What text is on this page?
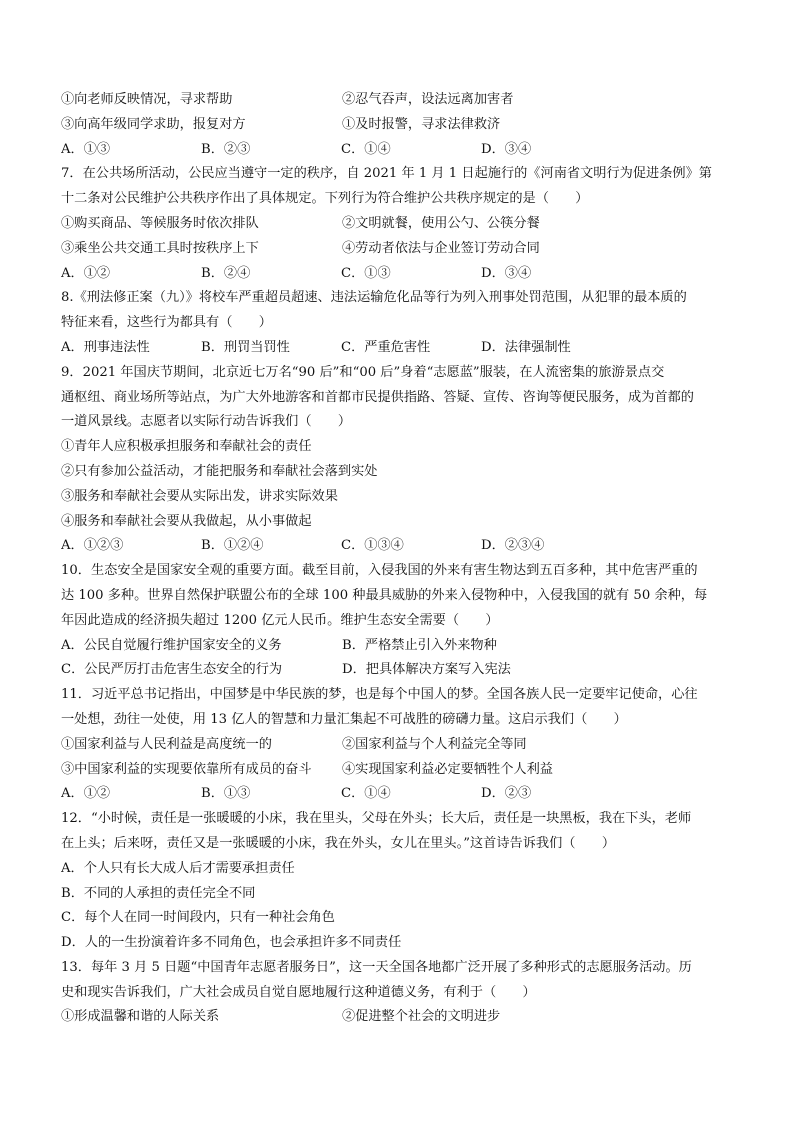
①向老师反映情况，寻求帮助	②忍气吞声，设法远离加害者
③向高年级同学求助，报复对方	①及时报警，寻求法律救济
A．①③	B．②③	C．①④	D．③④
7．在公共场所活动，公民应当遵守一定的秩序，自 2021 年 1 月 1 日起施行的《河南省文明行为促进条例》第
十二条对公民维护公共秩序作出了具体规定。下列行为符合维护公共秩序规定的是（　　）
①购买商品、等候服务时依次排队	②文明就餐，使用公勺、公筷分餐
③乘坐公共交通工具时按秩序上下	④劳动者依法与企业签订劳动合同
A．①②	B．②④	C．①③	D．③④
8.《刑法修正案（九）》将校车严重超员超速、违法运输危化品等行为列入刑事处罚范围，从犯罪的最本质的
特征来看，这些行为都具有（　　）
A．刑事违法性	B．刑罚当罚性	C．严重危害性	D．法律强制性
9．2021 年国庆节期间，北京近七万名“90 后”和“00 后”身着“志愿蓝”服装，在人流密集的旅游景点交
通枢纽、商业场所等站点，为广大外地游客和首都市民提供指路、答疑、宣传、咨询等便民服务，成为首都的
一道风景线。志愿者以实际行动告诉我们（　　）
①青年人应积极承担服务和奉献社会的责任
②只有参加公益活动，才能把服务和奉献社会落到实处
③服务和奉献社会要从实际出发，讲求实际效果
④服务和奉献社会要从我做起，从小事做起
A．①②③	B．①②④	C．①③④	D．②③④
10．生态安全是国家安全观的重要方面。截至目前，入侵我国的外来有害生物达到五百多种，其中危害严重的
达 100 多种。世界自然保护联盟公布的全球 100 种最具威胁的外来入侵物种中，入侵我国的就有 50 余种，每
年因此造成的经济损失超过 1200 亿元人民币。维护生态安全需要（　　）
A．公民自觉履行维护国家安全的义务	B．严格禁止引入外来物种
C．公民严厉打击危害生态安全的行为	D．把具体解决方案写入宪法
11．习近平总书记指出，中国梦是中华民族的梦，也是每个中国人的梦。全国各族人民一定要牢记使命，心往
一处想，劲往一处使，用 13 亿人的智慧和力量汇集起不可战胜的磅礴力量。这启示我们（　　）
①国家利益与人民利益是高度统一的	②国家利益与个人利益完全等同
③中国家利益的实现要依靠所有成员的奋斗	④实现国家利益必定要牺牲个人利益
A．①②	B．①③	C．①④	D．②③
12．“小时候，责任是一张暖暖的小床，我在里头，父母在外头；长大后，责任是一块黑板，我在下头，老师
在上头；后来呀，责任又是一张暖暖的小床，我在外头，女儿在里头。”这首诗告诉我们（　　）
A．个人只有长大成人后才需要承担责任
B．不同的人承担的责任完全不同
C．每个人在同一时间段内，只有一种社会角色
D．人的一生扮演着许多不同角色，也会承担许多不同责任
13．每年 3 月 5 日题“中国青年志愿者服务日”，这一天全国各地都广泛开展了多种形式的志愿服务活动。历
史和现实告诉我们，广大社会成员自觉自愿地履行这种道德义务，有利于（　　）
①形成温馨和谐的人际关系	②促进整个社会的文明进步
